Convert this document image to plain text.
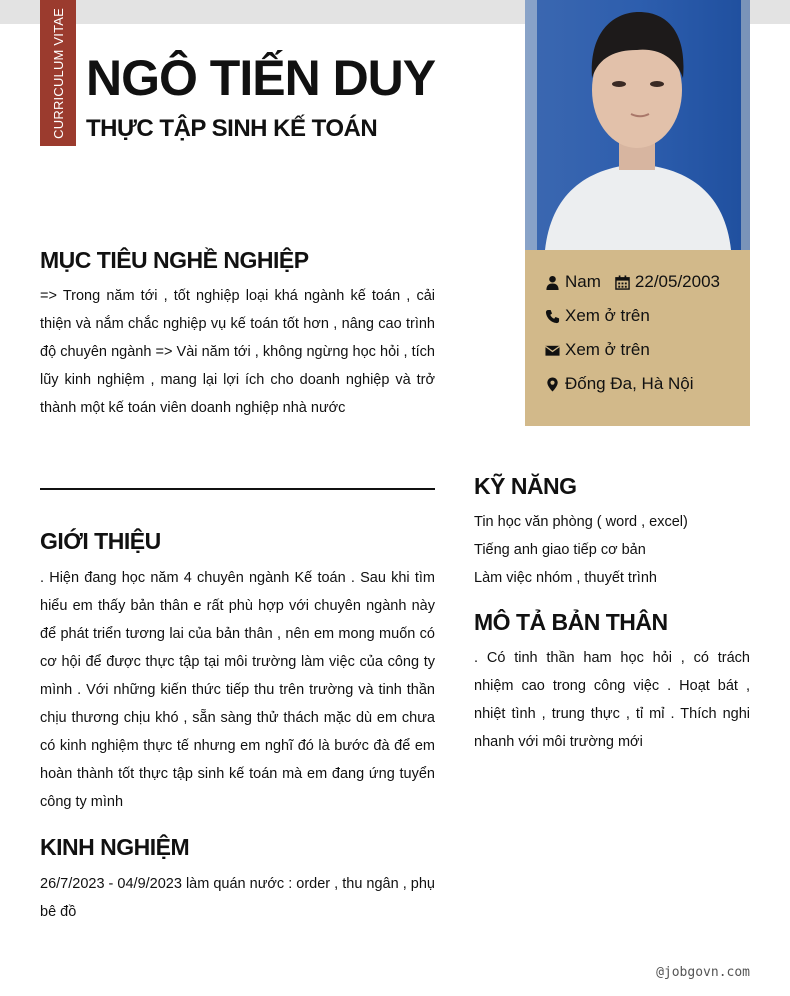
CURRICULUM VITAE NGÔ TIẾN DUY
THỰC TẬP SINH KẾ TOÁN
Nam 22/05/2003
Xem ở trên
Xem ở trên
Đống Đa, Hà Nội
MỤC TIÊU NGHỀ NGHIỆP

=> Trong năm tới , tốt nghiệp loại khá ngành kế toán , cải thiện và nắm chắc nghiệp vụ kế toán tốt hơn , nâng cao trình độ chuyên ngành => Vài năm tới , không ngừng học hỏi , tích lũy kinh nghiệm , mang lại lợi ích cho doanh nghiệp và trở thành một kế toán viên doanh nghiệp nhà nước

GIỚI THIỆU

. Hiện đang học năm 4 chuyên ngành Kế toán . Sau khi tìm hiểu em thấy bản thân e rất phù hợp với chuyên ngành này để phát triển tương lai của bản thân , nên em mong muốn có cơ hội để được thực tập tại môi trường làm việc của công ty mình . Với những kiến thức tiếp thu trên trường và tinh thần chịu thương chịu khó , sẵn sàng thử thách mặc dù em chưa có kinh nghiệm thực tế nhưng em nghĩ đó là bước đà để em hoàn thành tốt thực tập sinh kế toán mà em đang ứng tuyển công ty mình

KINH NGHIỆM

26/7/2023 - 04/9/2023 làm quán nước : order , thu ngân , phụ bê đồ

KỸ NĂNG
Tin học văn phòng ( word , excel)
Tiếng anh giao tiếp cơ bản
Làm việc nhóm , thuyết trình
MÔ TẢ BẢN THÂN

. Có tinh thần ham học hỏi , có trách nhiệm cao trong công việc . Hoạt bát , nhiệt tình , trung thực , tỉ mỉ . Thích nghi nhanh với môi trường mới

@jobgovn.com
